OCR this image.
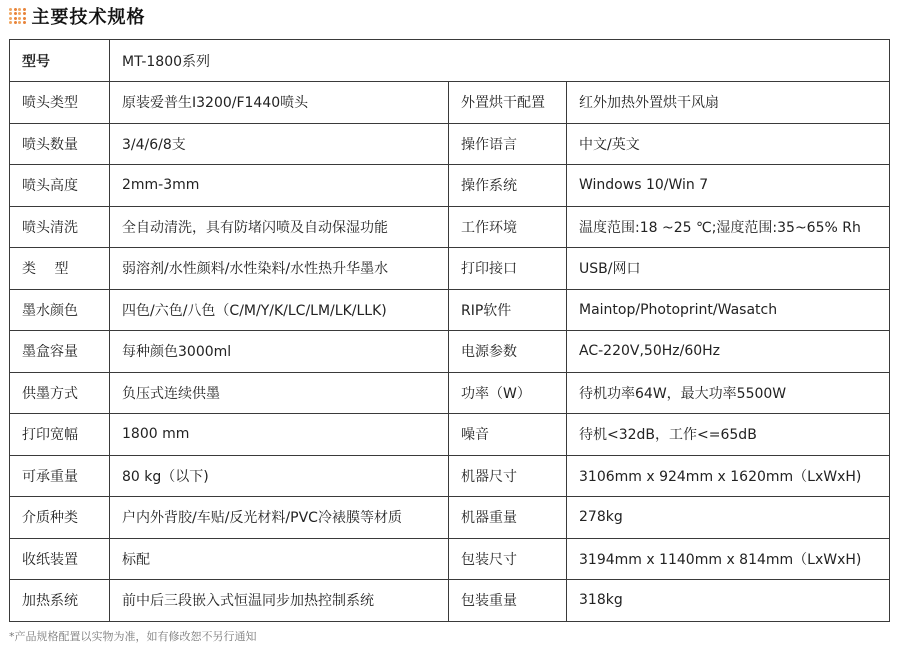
主要技术规格
型号	MT-1800系列		
喷头类型	原装爱普生I3200/F1440喷头	外置烘干配置	红外加热外置烘干风扇
喷头数量	3/4/6/8支	操作语言	中文/英文
喷头高度	2mm-3mm	操作系统	Windows 10/Win 7
喷头清洗	全自动清洗，具有防堵闪喷及自动保湿功能	工作环境	温度范围:18 ~25 ℃;湿度范围:35~65% Rh
类　 型	弱溶剂/水性颜料/水性染料/水性热升华墨水	打印接口	USB/网口
墨水颜色	四色/六色/八色（C/M/Y/K/LC/LM/LK/LLK)	RIP软件	Maintop/Photoprint/Wasatch
墨盒容量	每种颜色3000ml	电源参数	AC-220V,50Hz/60Hz
供墨方式	负压式连续供墨	功率（W）	待机功率64W，最大功率5500W
打印宽幅	1800 mm	噪音	待机<32dB，工作<=65dB
可承重量	80 kg（以下)	机器尺寸	3106mm x 924mm x 1620mm（LxWxH)
介质种类	户内外背胶/车贴/反光材料/PVC冷裱膜等材质	机器重量	278kg
收纸装置	标配	包装尺寸	3194mm x 1140mm x 814mm（LxWxH)
加热系统	前中后三段嵌入式恒温同步加热控制系统	包装重量	318kg
*产品规格配置以实物为准，如有修改恕不另行通知
